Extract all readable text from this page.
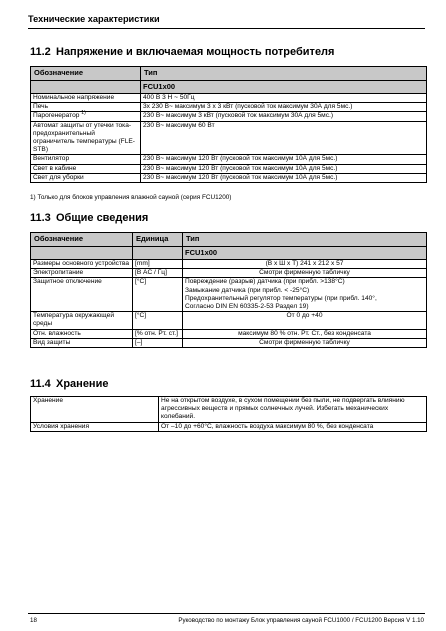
Технические характеристики
11.2 Напряжение и включаемая мощность потребителя
Обозначение	Тип
	FCU1x00
Номинальное напряжение	400 В 3 Н ~ 50Гц
Печь	3x 230 В~ максимум 3 x 3 кВт (пусковой ток максимум 30А для 5мс.)
Парогенератор $^{1)}$	230 В~ максимум 3 кВт (пусковой ток максимум 30А для 5мс.)
Автомат защиты от утечки тока-предохранительный ограничитель температуры (FLE-STB)	230 В~ максимум 60 Вт
Вентилятор	230 В~ максимум 120 Вт (пусковой ток максимум 10А для 5мс.)
Свет в кабине	230 В~ максимум 120 Вт (пусковой ток максимум 10А для 5мс.)
Свет для уборки	230 В~ максимум 120 Вт (пусковой ток максимум 10А для 5мс.)
1) Только для блоков управления влажной сауной (серия FCU1200)
11.3 Общие сведения
Обозначение	Единица	Тип
		FCU1x00
Размеры основного устройства	[mm]	(В x Ш x Т) 241 x 212 x 57
Электропитание	[В AC / Гц]	Смотри фирменную табличку
Защитное отключение	[°C]	Повреждение (разрыв) датчика (при прибл. >138°C)
Замыкание датчика (при прибл. < -25°C)
Предохранительный регулятор температуры (при прибл. 140°,
Согласно DIN EN 60335-2-53 Раздел 19)

Температура окружающей среды	[°C]	От 0 до +40
Отн. влажность	[% отн. Рт. ст.]	максимум 80 % отн. Рт. Ст., без конденсата
Вид защиты	[–]	Смотри фирменную табличку
11.4 Хранение
Хранение	Не на открытом воздухе, в сухом помещении без пыли, не подвергать влиянию агрессивных веществ и прямых солнечных лучей. Избегать механических колебаний.
Условия хранения	От –10 до +60°C, влажность воздуха максимум 80 %, без конденсата
18	Руководство по монтажу Блок управления сауной FCU1000 / FCU1200 Версия V 1.10
